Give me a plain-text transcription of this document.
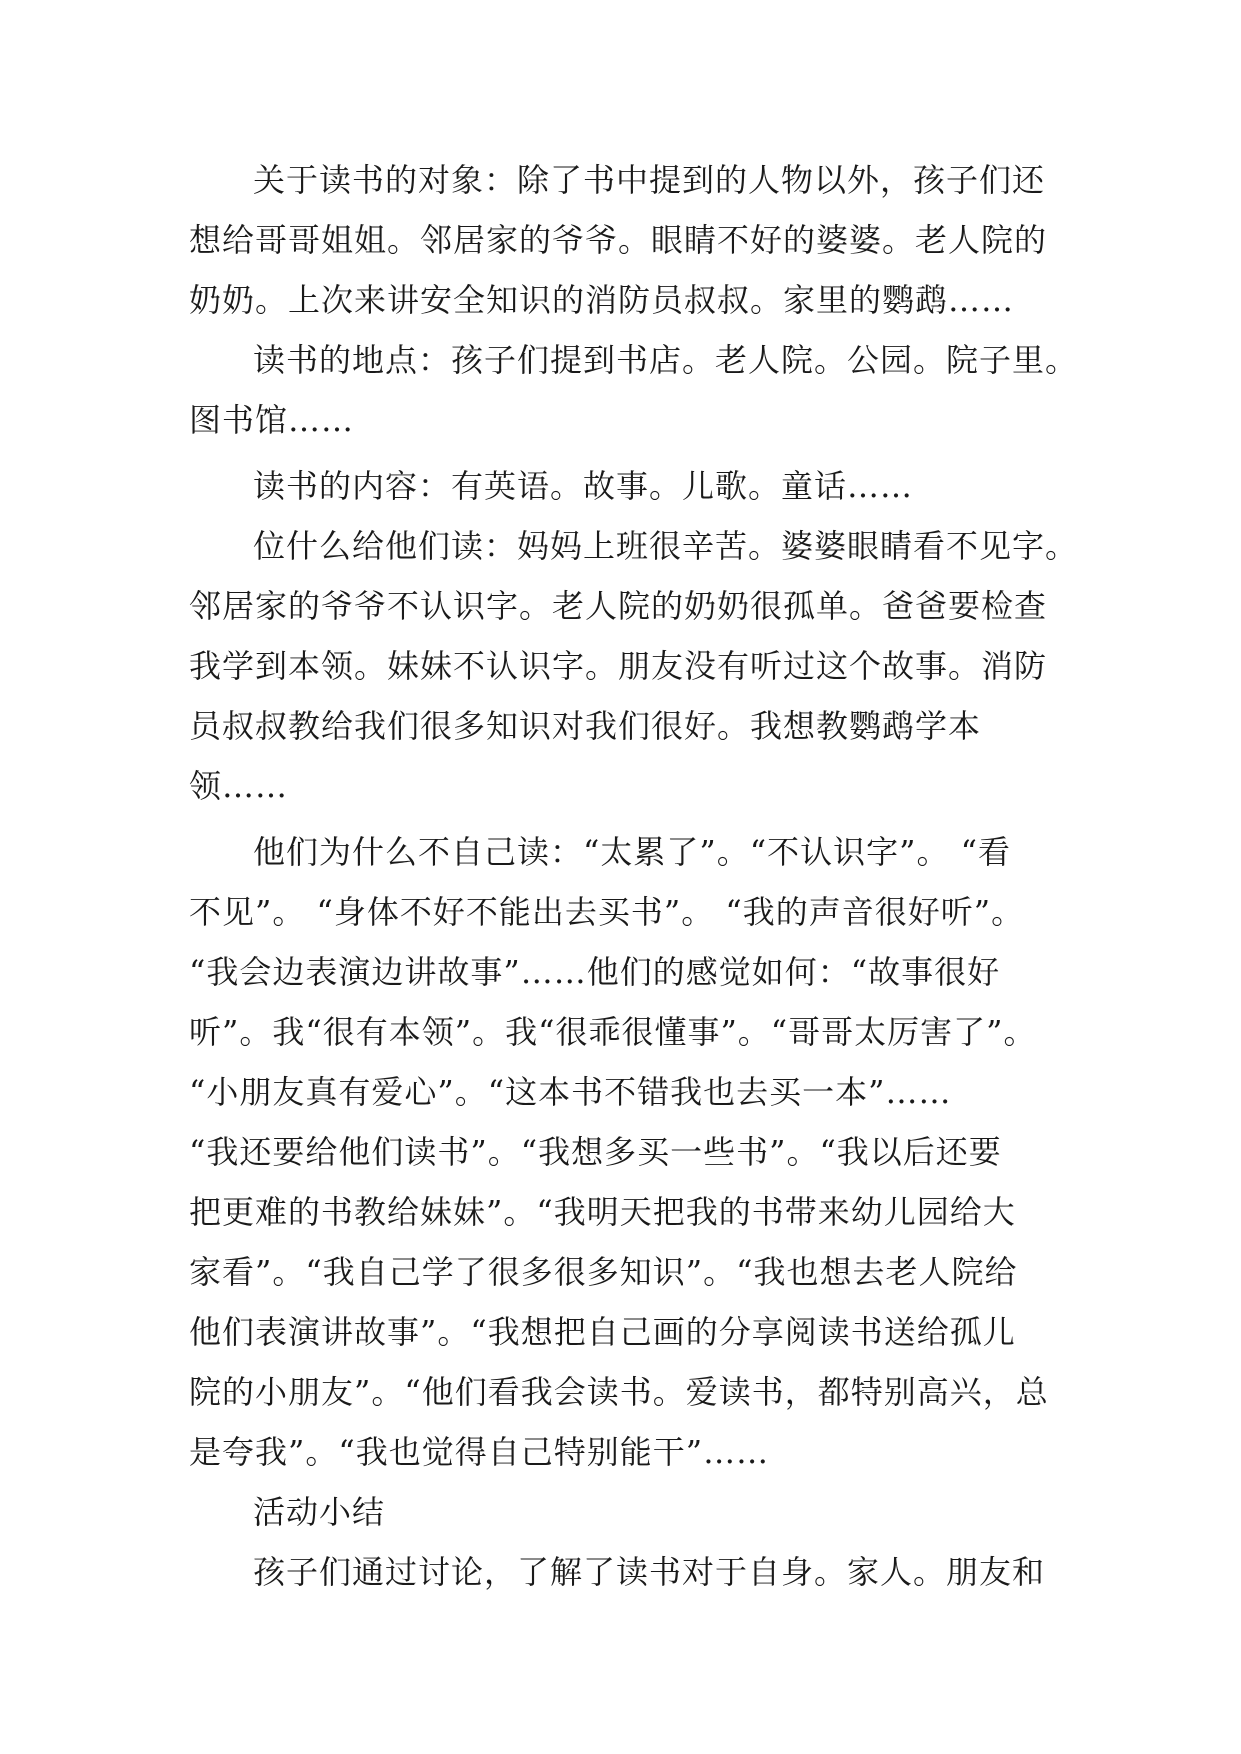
关于读书的对象：除了书中提到的人物以外，孩子们还
想给哥哥姐姐。邻居家的爷爷。眼睛不好的婆婆。老人院的
奶奶。上次来讲安全知识的消防员叔叔。家里的鹦鹉……
读书的地点：孩子们提到书店。老人院。公园。院子里。
图书馆……
读书的内容：有英语。故事。儿歌。童话……
位什么给他们读：妈妈上班很辛苦。婆婆眼睛看不见字。
邻居家的爷爷不认识字。老人院的奶奶很孤单。爸爸要检查
我学到本领。妹妹不认识字。朋友没有听过这个故事。消防
员叔叔教给我们很多知识对我们很好。我想教鹦鹉学本
领……
他们为什么不自己读：“太累了”。“不认识字”。 “看
不见”。 “身体不好不能出去买书”。 “我的声音很好听”。
“我会边表演边讲故事”……他们的感觉如何：“故事很好
听”。我“很有本领”。我“很乖很懂事”。“哥哥太厉害了”。
“小朋友真有爱心”。“这本书不错我也去买一本”……
“我还要给他们读书”。“我想多买一些书”。“我以后还要
把更难的书教给妹妹”。“我明天把我的书带来幼儿园给大
家看”。“我自己学了很多很多知识”。“我也想去老人院给
他们表演讲故事”。“我想把自己画的分享阅读书送给孤儿
院的小朋友”。“他们看我会读书。爱读书，都特别高兴，总
是夸我”。“我也觉得自己特别能干”……
活动小结
孩子们通过讨论，了解了读书对于自身。家人。朋友和
